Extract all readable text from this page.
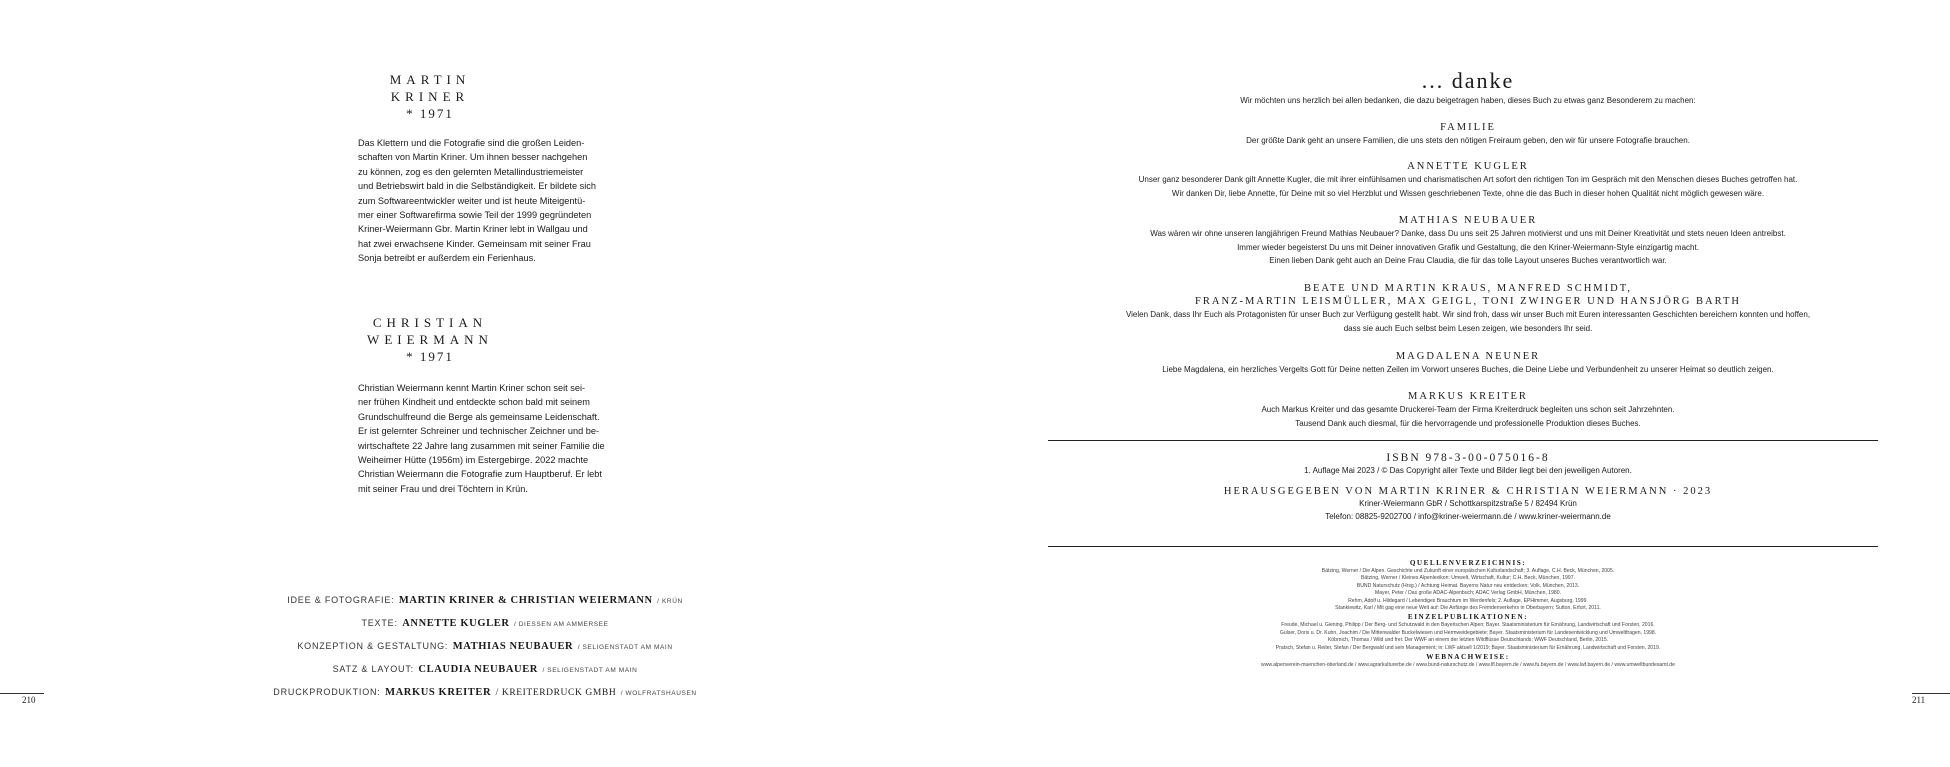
MARTIN
KRINER
* 1971
Das Klettern und die Fotografie sind die großen Leiden-
schaften von Martin Kriner. Um ihnen besser nachgehen
zu können, zog es den gelernten Metallindustriemeister
und Betriebswirt bald in die Selbständigkeit. Er bildete sich
zum Softwareentwickler weiter und ist heute Miteigentü-
mer einer Softwarefirma sowie Teil der 1999 gegründeten
Kriner-Weiermann Gbr. Martin Kriner lebt in Wallgau und
hat zwei erwachsene Kinder. Gemeinsam mit seiner Frau
Sonja betreibt er außerdem ein Ferienhaus.
CHRISTIAN
WEIERMANN
* 1971
Christian Weiermann kennt Martin Kriner schon seit sei-
ner frühen Kindheit und entdeckte schon bald mit seinem
Grundschulfreund die Berge als gemeinsame Leidenschaft.
Er ist gelernter Schreiner und technischer Zeichner und be-
wirtschaftete 22 Jahre lang zusammen mit seiner Familie die
Weiheimer Hütte (1956m) im Estergebirge. 2022 machte
Christian Weiermann die Fotografie zum Hauptberuf. Er lebt
mit seiner Frau und drei Töchtern in Krün.
IDEE & FOTOGRAFIE: MARTIN KRINER & CHRISTIAN WEIERMANN / KRÜN
TEXTE: ANNETTE KUGLER / DIESSEN AM AMMERSEE
KONZEPTION & GESTALTUNG: MATHIAS NEUBAUER / SELIGENSTADT AM MAIN
SATZ & LAYOUT: CLAUDIA NEUBAUER / SELIGENSTADT AM MAIN
DRUCKPRODUKTION: MARKUS KREITER / KREITERDRUCK GMBH / WOLFRATSHAUSEN
210
... danke
Wir möchten uns herzlich bei allen bedanken, die dazu beigetragen haben, dieses Buch zu etwas ganz Besonderem zu machen:
FAMILIE
Der größte Dank geht an unsere Familien, die uns stets den nötigen Freiraum geben, den wir für unsere Fotografie brauchen.
ANNETTE KUGLER
Unser ganz besonderer Dank gilt Annette Kugler, die mit ihrer einfühlsamen und charismatischen Art sofort den richtigen Ton im Gespräch mit den Menschen dieses Buches getroffen hat.
Wir danken Dir, liebe Annette, für Deine mit so viel Herzblut und Wissen geschriebenen Texte, ohne die das Buch in dieser hohen Qualität nicht möglich gewesen wäre.
MATHIAS NEUBAUER
Was wären wir ohne unseren langjährigen Freund Mathias Neubauer? Danke, dass Du uns seit 25 Jahren motivierst und uns mit Deiner Kreativität und stets neuen Ideen antreibst.
Immer wieder begeisterst Du uns mit Deiner innovativen Grafik und Gestaltung, die den Kriner-Weiermann-Style einzigartig macht.
Einen lieben Dank geht auch an Deine Frau Claudia, die für das tolle Layout unseres Buches verantwortlich war.
BEATE UND MARTIN KRAUS, MANFRED SCHMIDT,
FRANZ-MARTIN LEISMÜLLER, MAX GEIGL, TONI ZWINGER UND HANSJÖRG BARTH
Vielen Dank, dass Ihr Euch als Protagonisten für unser Buch zur Verfügung gestellt habt. Wir sind froh, dass wir unser Buch mit Euren interessanten Geschichten bereichern konnten und hoffen,
dass sie auch Euch selbst beim Lesen zeigen, wie besonders Ihr seid.
MAGDALENA NEUNER
Liebe Magdalena, ein herzliches Vergelts Gott für Deine netten Zeilen im Vorwort unseres Buches, die Deine Liebe und Verbundenheit zu unserer Heimat so deutlich zeigen.
MARKUS KREITER
Auch Markus Kreiter und das gesamte Druckerei-Team der Firma Kreiterdruck begleiten uns schon seit Jahrzehnten.
Tausend Dank auch diesmal, für die hervorragende und professionelle Produktion dieses Buches.
ISBN 978-3-00-075016-8
1. Auflage Mai 2023 / © Das Copyright aller Texte und Bilder liegt bei den jeweiligen Autoren.
HERAUSGEGEBEN VON MARTIN KRINER & CHRISTIAN WEIERMANN · 2023
Kriner-Weiermann GbR / Schottkarspitzstraße 5 / 82494 Krün
Telefon: 08825-9202700 / info@kriner-weiermann.de / www.kriner-weiermann.de
QUELLENVERZEICHNIS:
Bätzing, Werner / Die Alpen. Geschichte und Zukunft einer europäischen Kulturlandschaft; 3. Auflage, C.H. Beck, München, 2005.
Bätzing, Werner / Kleines Alpenlexikon: Umwelt, Wirtschaft, Kultur; C.H. Beck, München, 1997.
BUND Naturschutz (Hrsg.) / Achtung Heimat. Bayerns Natur neu entdecken; Volk, München, 2013.
Mayer, Peter / Das große ADAC-Alpenbuch; ADAC Verlag GmbH, München, 1980.
Rehm, Adolf u. Hildegard / Lebendiges Brauchtum im Werdenfels; 2. Auflage, EPHimmer, Augsburg, 1999.
Stankiewitz, Karl / Mit gag eine neue Welt auf: Die Anfänge des Fremdenverkehrs in Oberbayern; Sutton, Erfurt, 2011.
EINZELPUBLIKATIONEN:
Freude, Michael u. Giening, Philipp / Der Berg- und Schutzwald in den Bayerischen Alpen; Bayer. Staatsministerium für Ernährung, Landwirtschaft und Forsten, 2016.
Gulser, Doris u. Dr. Kuhn, Joachim / Die Mittenwalder Buckelwiesen und Hermweidegebiete; Bayer. Staatsministerium für Landesentwicklung und Umweltfragen, 1998.
Köbrnich, Thomas / Wild und frei: Der WWF an einem der letzten Wildflüsse Deutschlands; WWF Deutschland, Berlin, 2015.
Pratsch, Stefan u. Reiter, Stefan / Der Bergwald und sein Management; in: LWF aktuell 1/2019; Bayer. Staatsministerium für Ernährung, Landwirtschaft und Forsten, 2019.
WEBNACHWEISE:
www.alpenverein-muenchen-oberland.de / www.agrarkulturerbe.de / www.bund-naturschutz.de / www.lfl.bayern.de / www.fu.bayern.de / www.lwf.bayern.de / www.umweltbundesamt.de
211
